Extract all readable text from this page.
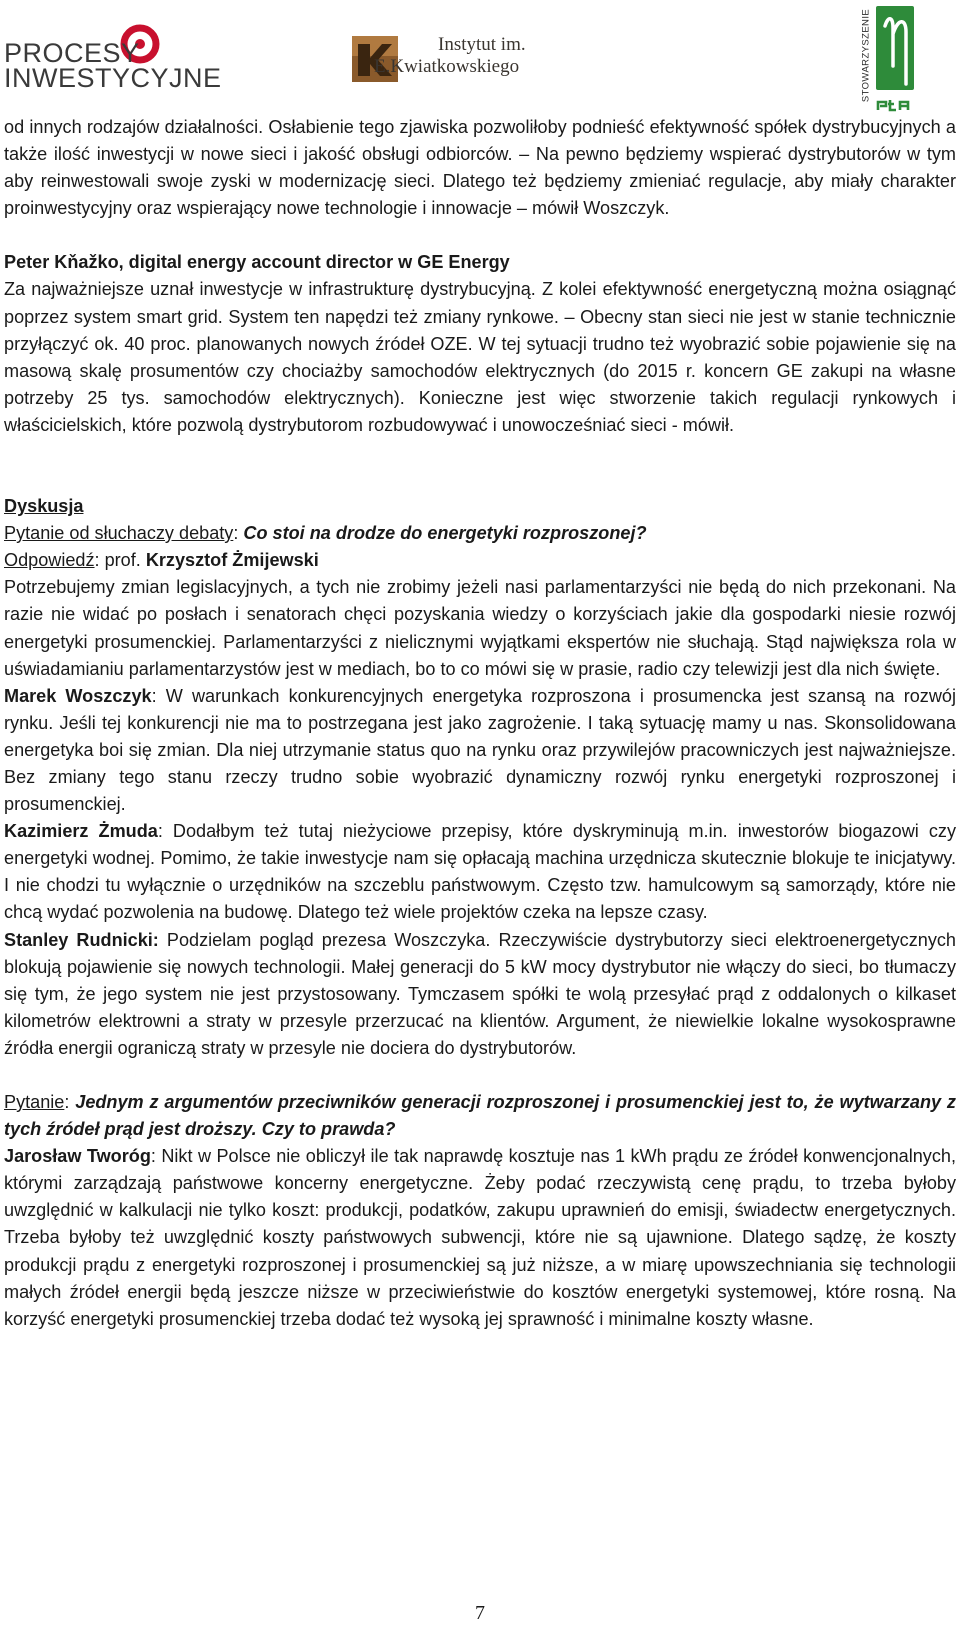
PROCESY
INWESTYCYJNE
Instytut im.
E.Kwiatkowskiego	STOWARZYSZENIE

od innych rodzajów działalności. Osłabienie tego zjawiska pozwoliłoby podnieść efektywność spółek dystrybucyjnych a także ilość inwestycji w nowe sieci i jakość obsługi odbiorców. – Na pewno będziemy wspierać dystrybutorów w tym aby reinwestowali swoje zyski w modernizację sieci. Dlatego też będziemy zmieniać regulacje, aby miały charakter proinwestycyjny oraz wspierający nowe technologie i innowacje – mówił Woszczyk.

Peter Kňažko, digital energy account director w GE Energy

Za najważniejsze uznał inwestycje w infrastrukturę dystrybucyjną. Z kolei efektywność energetyczną można osiągnąć poprzez system smart grid. System ten napędzi też zmiany rynkowe. – Obecny stan sieci nie jest w stanie technicznie przyłączyć ok. 40 proc. planowanych nowych źródeł OZE. W tej sytuacji trudno też wyobrazić sobie pojawienie się na masową skalę prosumentów czy chociażby samochodów elektrycznych (do 2015 r. koncern GE zakupi na własne potrzeby 25 tys. samochodów elektrycznych). Konieczne jest więc stworzenie takich regulacji rynkowych i właścicielskich, które pozwolą dystrybutorom rozbudowywać i unowocześniać sieci - mówił.

Dyskusja

Pytanie od słuchaczy debaty: Co stoi na drodze do energetyki rozproszonej?

Odpowiedź: prof. Krzysztof Żmijewski

Potrzebujemy zmian legislacyjnych, a tych nie zrobimy jeżeli nasi parlamentarzyści nie będą do nich przekonani. Na razie nie widać po posłach i senatorach chęci pozyskania wiedzy o korzyściach jakie dla gospodarki niesie rozwój energetyki prosumenckiej. Parlamentarzyści z nielicznymi wyjątkami ekspertów nie słuchają. Stąd największa rola w uświadamianiu parlamentarzystów jest w mediach, bo to co mówi się w prasie, radio czy telewizji jest dla nich święte.

Marek Woszczyk: W warunkach konkurencyjnych energetyka rozproszona i prosumencka jest szansą na rozwój rynku. Jeśli tej konkurencji nie ma to postrzegana jest jako zagrożenie. I taką sytuację mamy u nas. Skonsolidowana energetyka boi się zmian. Dla niej utrzymanie status quo na rynku oraz przywilejów pracowniczych jest najważniejsze. Bez zmiany tego stanu rzeczy trudno sobie wyobrazić dynamiczny rozwój rynku energetyki rozproszonej i prosumenckiej.

Kazimierz Żmuda: Dodałbym też tutaj nieżyciowe przepisy, które dyskryminują m.in. inwestorów biogazowi czy energetyki wodnej. Pomimo, że takie inwestycje nam się opłacają machina urzędnicza skutecznie blokuje te inicjatywy. I nie chodzi tu wyłącznie o urzędników na szczeblu państwowym. Często tzw. hamulcowym są samorządy, które nie chcą wydać pozwolenia na budowę. Dlatego też wiele projektów czeka na lepsze czasy.

Stanley Rudnicki: Podzielam pogląd prezesa Woszczyka. Rzeczywiście dystrybutorzy sieci elektroenergetycznych blokują pojawienie się nowych technologii. Małej generacji do 5 kW mocy dystrybutor nie włączy do sieci, bo tłumaczy się tym, że jego system nie jest przystosowany. Tymczasem spółki te wolą przesyłać prąd z oddalonych o kilkaset kilometrów elektrowni a straty w przesyle przerzucać na klientów. Argument, że niewielkie lokalne wysokosprawne źródła energii ograniczą straty w przesyle nie dociera do dystrybutorów.

Pytanie: Jednym z argumentów przeciwników generacji rozproszonej i prosumenckiej jest to, że wytwarzany z tych źródeł prąd jest droższy. Czy to prawda?

Jarosław Tworóg: Nikt w Polsce nie obliczył ile tak naprawdę kosztuje nas 1 kWh prądu ze źródeł konwencjonalnych, którymi zarządzają państwowe koncerny energetyczne. Żeby podać rzeczywistą cenę prądu, to trzeba byłoby uwzględnić w kalkulacji nie tylko koszt: produkcji, podatków, zakupu uprawnień do emisji, świadectw energetycznych. Trzeba byłoby też uwzględnić koszty państwowych subwencji, które nie są ujawnione. Dlatego sądzę, że koszty produkcji prądu z energetyki rozproszonej i prosumenckiej są już niższe, a w miarę upowszechniania się technologii małych źródeł energii będą jeszcze niższe w przeciwieństwie do kosztów energetyki systemowej, które rosną. Na korzyść energetyki prosumenckiej trzeba dodać też wysoką jej sprawność i minimalne koszty własne.

7
